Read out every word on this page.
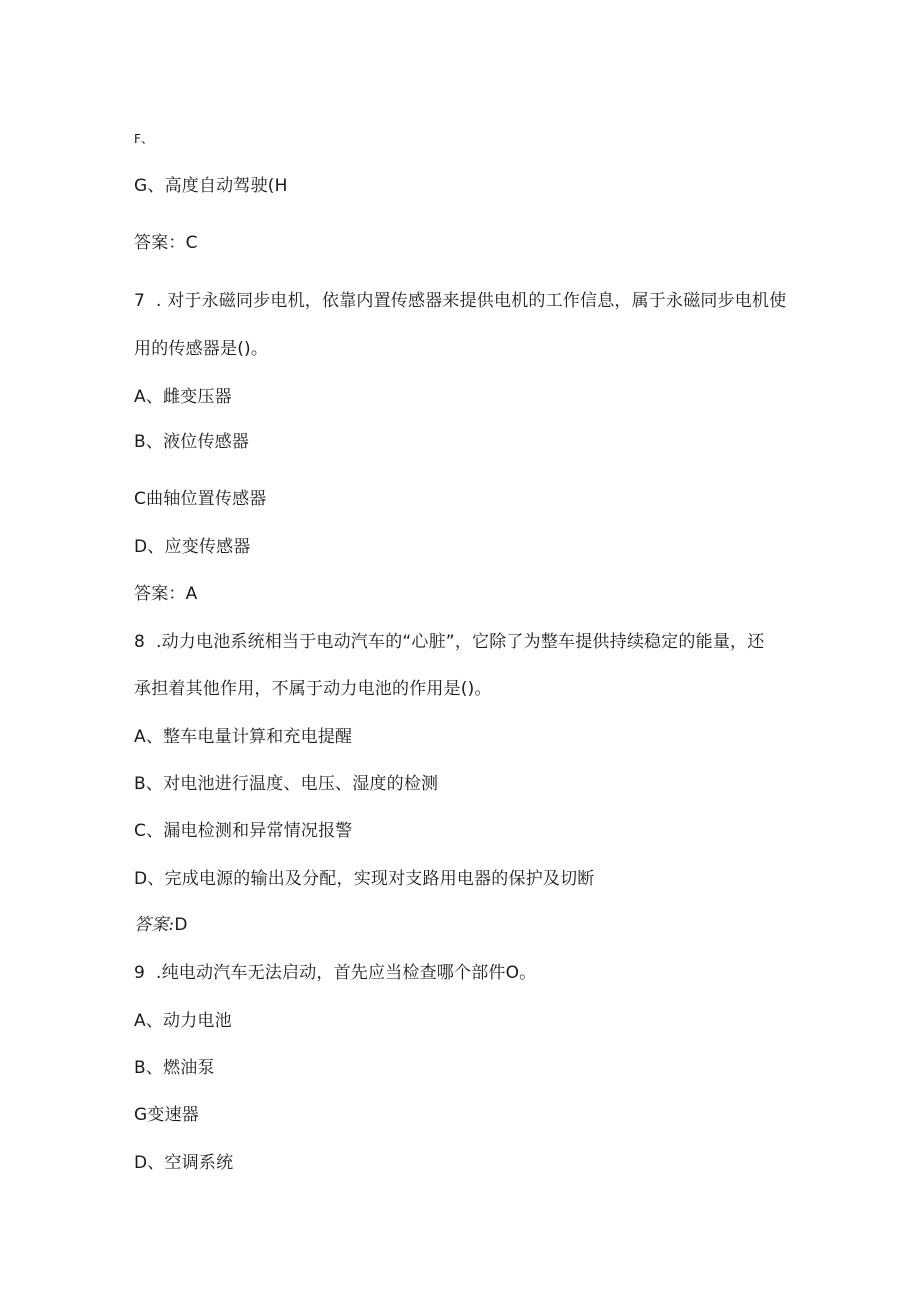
F、
G、高度自动驾驶(H
答案：C
7 . 对于永磁同步电机，依靠内置传感器来提供电机的工作信息，属于永磁同步电机使
用的传感器是()。
A、雌变压器
B、液位传感器
C曲轴位置传感器
D、应变传感器
答案：A
8 .动力电池系统相当于电动汽车的“心脏”，它除了为整车提供持续稳定的能量，还
承担着其他作用，不属于动力电池的作用是()。
A、整车电量计算和充电提醒
B、对电池进行温度、电压、湿度的检测
C、漏电检测和异常情况报警
D、完成电源的输出及分配，实现对支路用电器的保护及切断
答案:D
9 .纯电动汽车无法启动，首先应当检查哪个部件O。
A、动力电池
B、燃油泵
G变速器
D、空调系统
